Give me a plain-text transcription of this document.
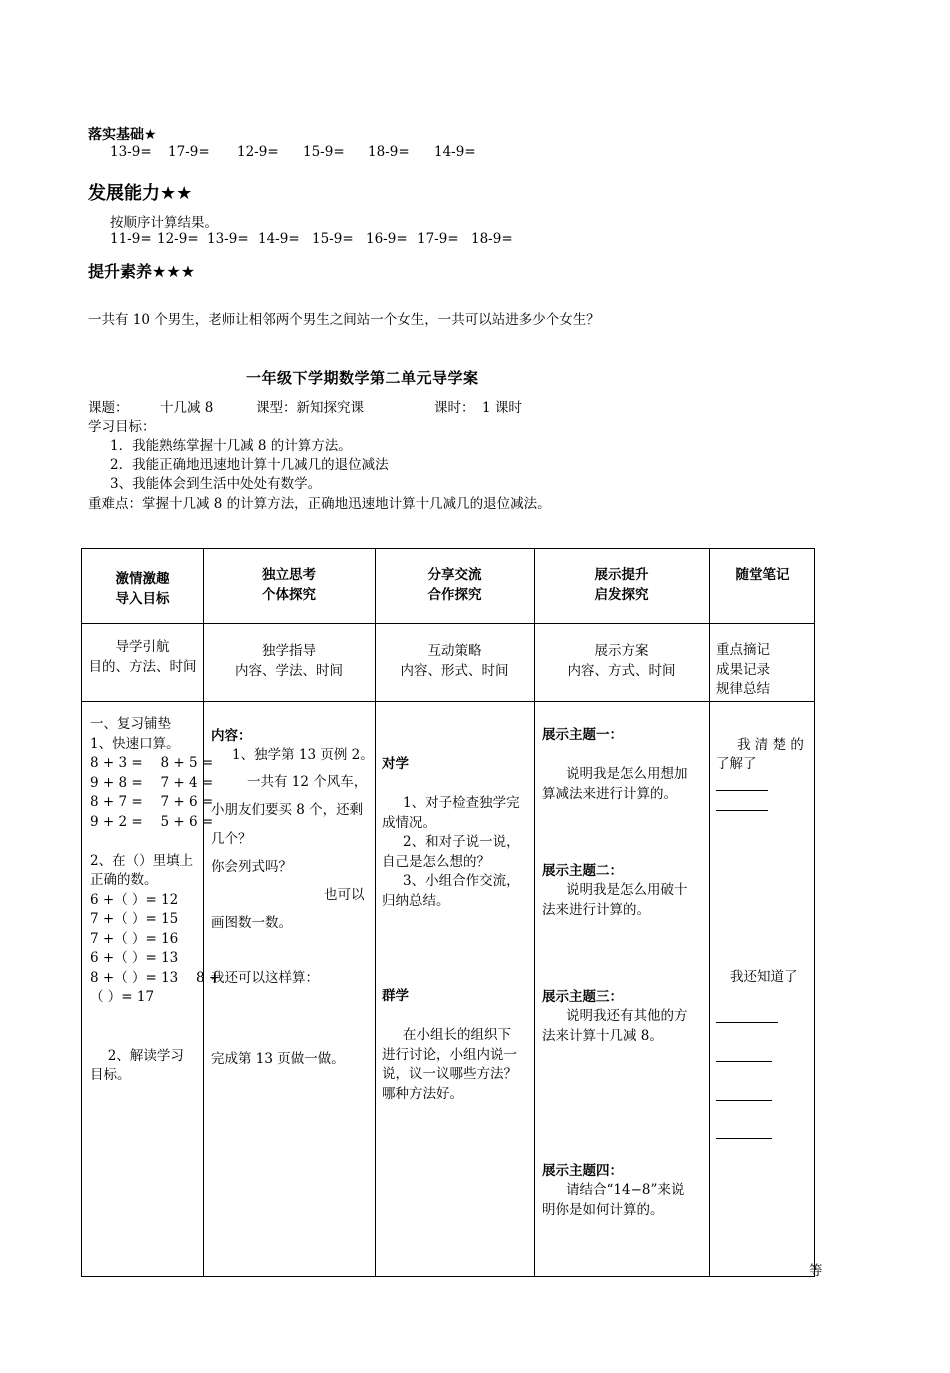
落实基础★
13-9= 17-9= 12-9= 15-9= 18-9= 14-9=
发展能力★★
按顺序计算结果。
11-9= 12-9= 13-9= 14-9= 15-9= 16-9= 17-9= 18-9=
提升素养★★★
一共有 10 个男生，老师让相邻两个男生之间站一个女生，一共可以站进多少个女生？
一年级下学期数学第二单元导学案
课题： 十几减 8	课型：新知探究课	课时： 1 课时
学习目标：
1．我能熟练掌握十几减 8 的计算方法。
2．我能正确地迅速地计算十几减几的退位减法
3、我能体会到生活中处处有数学。
重难点：掌握十几减 8 的计算方法，正确地迅速地计算十几减几的退位减法。
激情激趣
导入目标
独立思考
个体探究
分享交流
合作探究
展示提升
启发探究
随堂笔记
导学引航
目的、方法、时间
独学指导
内容、学法、时间
互动策略
内容、形式、时间
展示方案
内容、方式、时间
重点摘记
成果记录
规律总结
一、复习铺垫
1、快速口算。
8 + 3 =　 8 + 5 =
9 + 8 =　 7 + 4 =
8 + 7 =　 7 + 6 =
9 + 2 =　 5 + 6 =
2、在（）里填上
正确的数。
6 +（ ）= 12
7 +（ ）= 15
7 +（ ）= 16
6 +（ ）= 13
8 +（ ）= 13　 8 +
（ ）= 17
　 2、解读学习
目标。
内容：
1、独学第 13 页例 2。
一共有 12 个风车，
小朋友们要买 8 个，还剩
几个？
你会列式吗？
也可以
画图数一数。
我还可以这样算：
完成第 13 页做一做。
对学
1、对子检查独学完
成情况。
2、和对子说一说，
自己是怎么想的？
3、小组合作交流，
归纳总结。
群学
在小组长的组织下
进行讨论，小组内说一
说，议一议哪些方法？
哪种方法好。
展示主题一：
说明我是怎么用想加
算减法来进行计算的。
展示主题二：
说明我是怎么用破十
法来进行计算的。
展示主题三：
说明我还有其他的方
法来计算十几减 8。
展示主题四：
请结合“14−8”来说
明你是如何计算的。
我 清 楚 的
了解了
我还知道了
等
